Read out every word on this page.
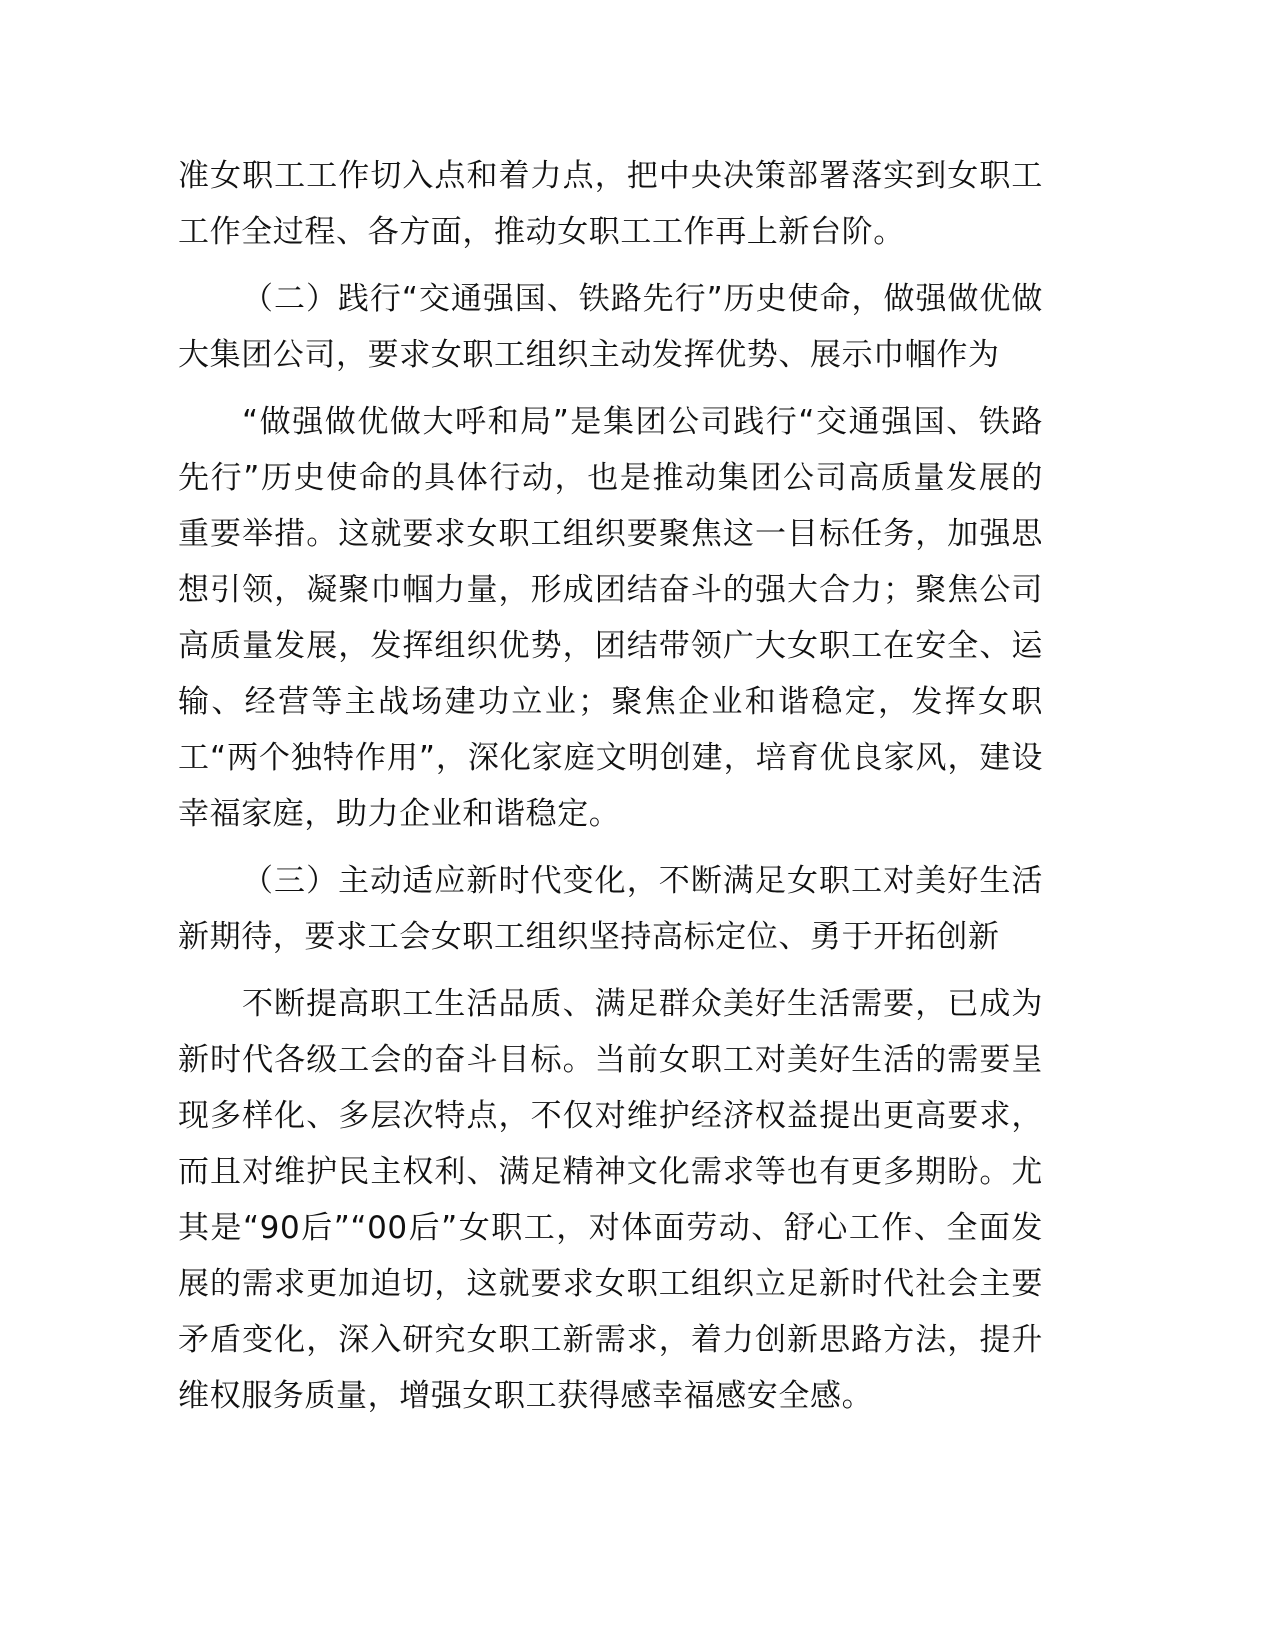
准女职工工作切入点和着力点，把中央决策部署落实到女职工工作全过程、各方面，推动女职工工作再上新台阶。

（二）践行“交通强国、铁路先行”历史使命，做强做优做大集团公司，要求女职工组织主动发挥优势、展示巾帼作为

“做强做优做大呼和局”是集团公司践行“交通强国、铁路先行”历史使命的具体行动，也是推动集团公司高质量发展的重要举措。这就要求女职工组织要聚焦这一目标任务，加强思想引领，凝聚巾帼力量，形成团结奋斗的强大合力；聚焦公司高质量发展，发挥组织优势，团结带领广大女职工在安全、运输、经营等主战场建功立业；聚焦企业和谐稳定，发挥女职工“两个独特作用”，深化家庭文明创建，培育优良家风，建设幸福家庭，助力企业和谐稳定。

（三）主动适应新时代变化，不断满足女职工对美好生活新期待，要求工会女职工组织坚持高标定位、勇于开拓创新

不断提高职工生活品质、满足群众美好生活需要，已成为新时代各级工会的奋斗目标。当前女职工对美好生活的需要呈现多样化、多层次特点，不仅对维护经济权益提出更高要求，而且对维护民主权利、满足精神文化需求等也有更多期盼。尤其是“90后”“00后”女职工，对体面劳动、舒心工作、全面发展的需求更加迫切，这就要求女职工组织立足新时代社会主要矛盾变化，深入研究女职工新需求，着力创新思路方法，提升维权服务质量，增强女职工获得感幸福感安全感。
